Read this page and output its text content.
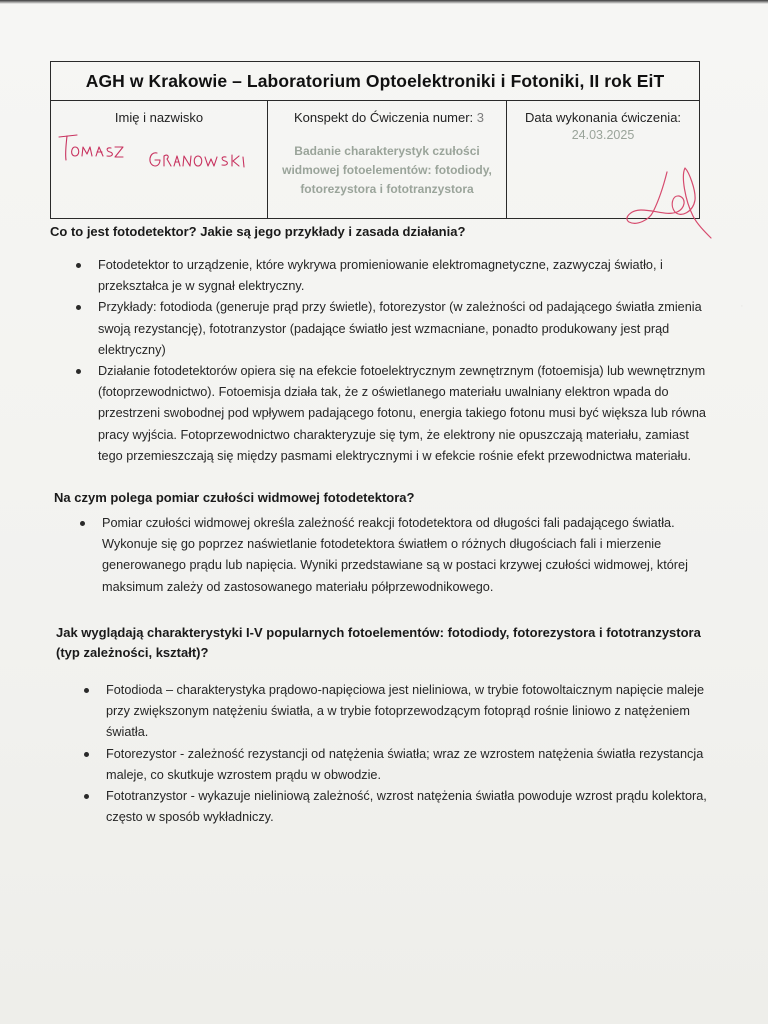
AGH w Krakowie – Laboratorium Optoelektroniki i Fotoniki, II rok EiT
Imię i nazwisko	Konspekt do Ćwiczenia numer: 3
Badanie charakterystyk czułości widmowej fotoelementów: fotodiody, fotorezystora i fototranzystora
Data wykonania ćwiczenia:
24.03.2025
·
Co to jest fotodetektor? Jakie są jego przykłady i zasada działania?
Fotodetektor to urządzenie, które wykrywa promieniowanie elektromagnetyczne, zazwyczaj światło, i przekształca je w sygnał elektryczny.
Przykłady: fotodioda (generuje prąd przy świetle), fotorezystor (w zależności od padającego światła zmienia swoją rezystancję), fototranzystor (padające światło jest wzmacniane, ponadto produkowany jest prąd elektryczny)
Działanie fotodetektorów opiera się na efekcie fotoelektrycznym zewnętrznym (fotoemisja) lub wewnętrznym (fotoprzewodnictwo). Fotoemisja działa tak, że z oświetlanego materiału uwalniany elektron wpada do przestrzeni swobodnej pod wpływem padającego fotonu, energia takiego fotonu musi być większa lub równa pracy wyjścia. Fotoprzewodnictwo charakteryzuje się tym, że elektrony nie opuszczają materiału, zamiast tego przemieszczają się między pasmami elektrycznymi i w efekcie rośnie efekt przewodnictwa materiału.
Na czym polega pomiar czułości widmowej fotodetektora?
Pomiar czułości widmowej określa zależność reakcji fotodetektora od długości fali padającego światła. Wykonuje się go poprzez naświetlanie fotodetektora światłem o różnych długościach fali i mierzenie generowanego prądu lub napięcia. Wyniki przedstawiane są w postaci krzywej czułości widmowej, której maksimum zależy od zastosowanego materiału półprzewodnikowego.
Jak wyglądają charakterystyki I-V popularnych fotoelementów: fotodiody, fotorezystora i fototranzystora (typ zależności, kształt)?
Fotodioda – charakterystyka prądowo-napięciowa jest nieliniowa, w trybie fotowoltaicznym napięcie maleje przy zwiększonym natężeniu światła, a w trybie fotoprzewodzącym fotoprąd rośnie liniowo z natężeniem światła.
Fotorezystor - zależność rezystancji od natężenia światła; wraz ze wzrostem natężenia światła rezystancja maleje, co skutkuje wzrostem prądu w obwodzie.
Fototranzystor - wykazuje nieliniową zależność, wzrost natężenia światła powoduje wzrost prądu kolektora, często w sposób wykładniczy.
